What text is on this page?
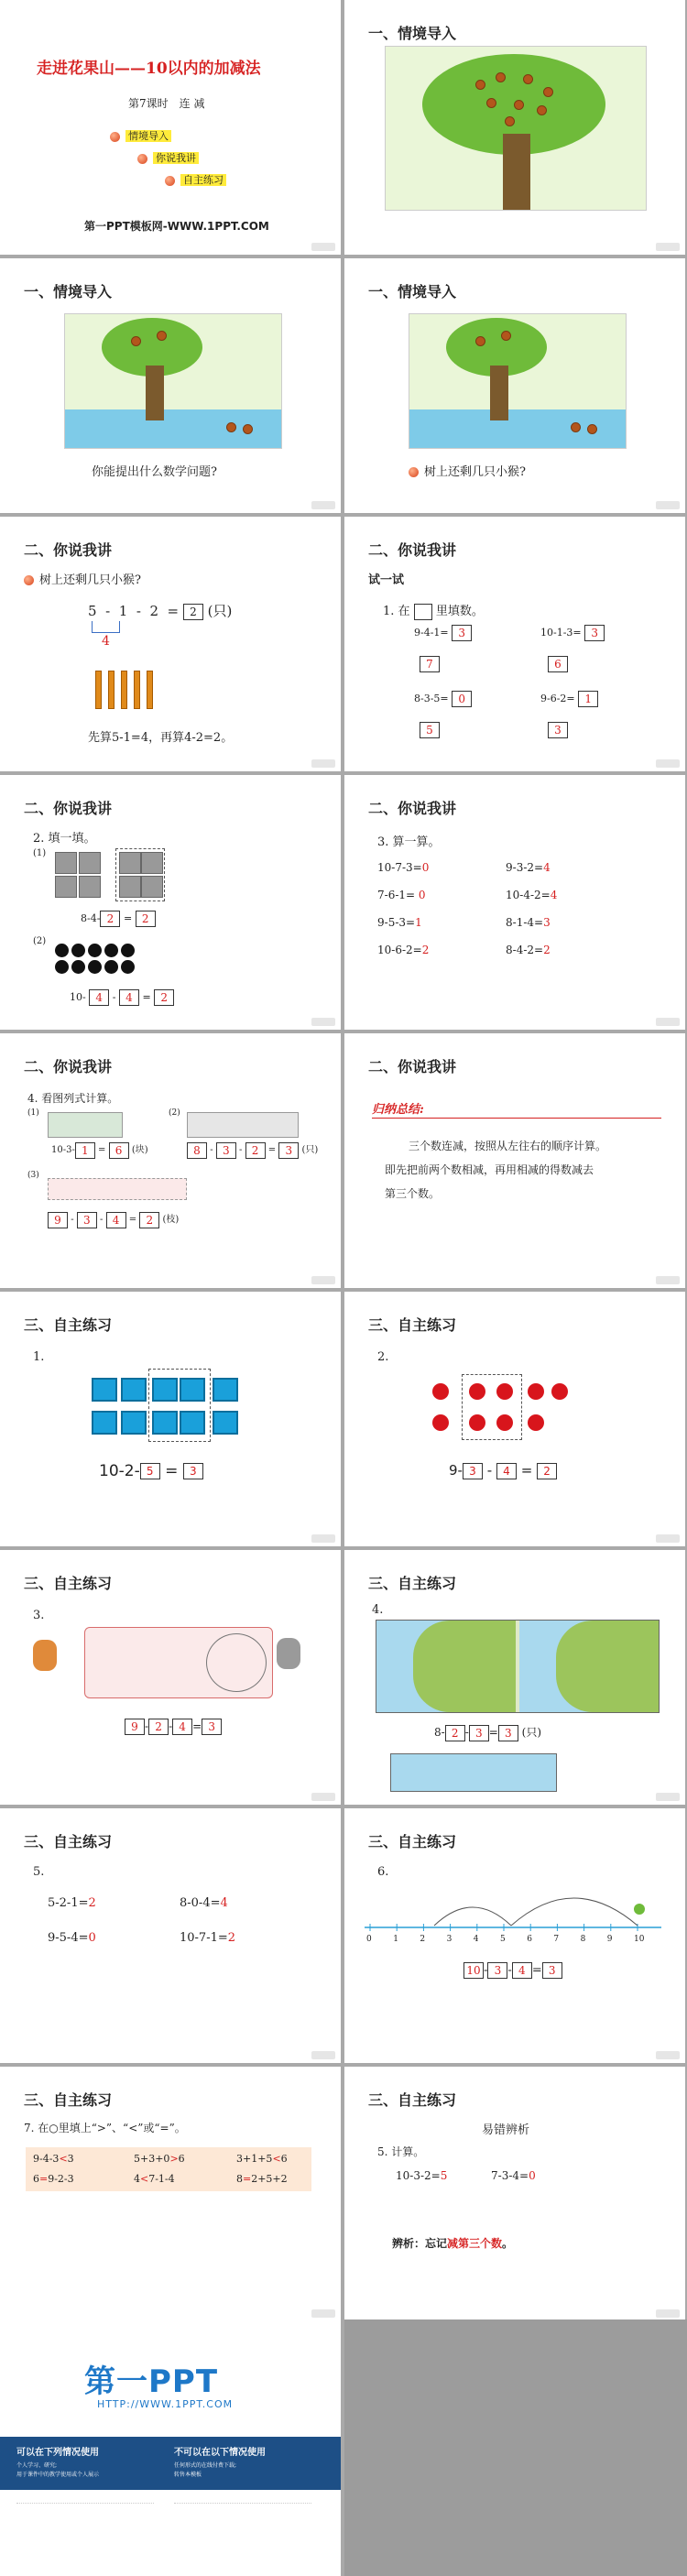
走进花果山——10以内的加减法
第7课时　连 减
情境导入
你说我讲
自主练习
第一PPT模板网-WWW.1PPT.COM
一、情境导入
一、情境导入
你能提出什么数学问题?
一、情境导入
树上还剩几只小猴?
二、你说我讲
树上还剩几只小猴?
5 - 1 - 2 = 2 (只)
4
先算5-1=4，再算4-2=2。
二、你说我讲
试一试
1. 在 里填数。
9-4-1= 3
7
10-1-3= 3
6
8-3-5= 0
5
9-6-2= 1
3
二、你说我讲
2. 填一填。
(1)
8-4- 2 = 2
(2)
10- 4 - 4 = 2
二、你说我讲
3. 算一算。
10-7-3=0	9-3-2=4
7-6-1= 0	10-4-2=4
9-5-3=1	8-1-4=3
10-6-2=2	8-4-2=2
二、你说我讲
4. 看图列式计算。
(1)
10-3- 1 = 6 (块)
(2)
8 - 3 - 2 = 3 (只)
(3)
9 - 3 - 4 = 2 (枝)
二、你说我讲
归纳总结:
三个数连减，按照从左往右的顺序计算。
即先把前两个数相减，再用相减的得数减去
第三个数。
三、自主练习
1.
10-2- 5 = 3
三、自主练习
2.
9- 3 - 4 = 2
三、自主练习
3.
9 - 2 - 4 = 3
三、自主练习
4.
8- 2 - 3 = 3 (只)
三、自主练习
5.
5-2-1=2	8-0-4=4
9-5-4=0	10-7-1=2
三、自主练习
6.
0	1	2	3	4	5	6	7	8	9	10
10 - 3 - 4 = 3
三、自主练习
7. 在○里填上“>”、“<”或“=”。
9-4-3<3	5+3+0>6	3+1+5<6
6=9-2-3	4<7-1-4	8=2+5+2
三、自主练习
易错辨析
5. 计算。
10-3-2=5	7-3-4=0
辨析：忘记减第三个数。
第一PPT
HTTP://WWW.1PPT.COM
可以在下列情况使用
个人学习、研究;
用于课件中的教学使用或个人展示
不可以在以下情况使用
任何形式的在线付费下载;
转售本模板
